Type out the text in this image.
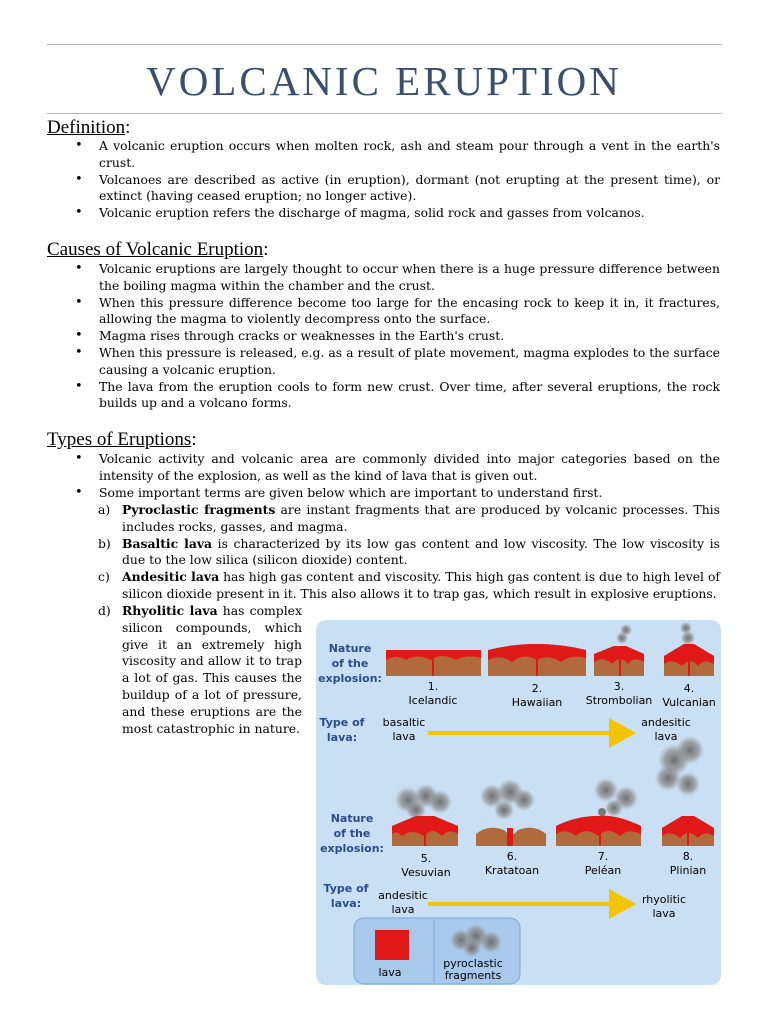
VOLCANIC ERUPTION
Definition:
• A volcanic eruption occurs when molten rock, ash and steam pour through a vent in the earth's crust.
• Volcanoes are described as active (in eruption), dormant (not erupting at the present time), or extinct (having ceased eruption; no longer active).
• Volcanic eruption refers the discharge of magma, solid rock and gasses from volcanos.
Causes of Volcanic Eruption:
• Volcanic eruptions are largely thought to occur when there is a huge pressure difference between the boiling magma within the chamber and the crust.
• When this pressure difference become too large for the encasing rock to keep it in, it fractures, allowing the magma to violently decompress onto the surface.
• Magma rises through cracks or weaknesses in the Earth's crust.
• When this pressure is released, e.g. as a result of plate movement, magma explodes to the surface causing a volcanic eruption.
• The lava from the eruption cools to form new crust. Over time, after several eruptions, the rock builds up and a volcano forms.
Types of Eruptions:
• Volcanic activity and volcanic area are commonly divided into major categories based on the intensity of the explosion, as well as the kind of lava that is given out.
• Some important terms are given below which are important to understand first.
a) Pyroclastic fragments are instant fragments that are produced by volcanic processes. This includes rocks, gasses, and magma.
b) Basaltic lava is characterized by its low gas content and low viscosity. The low viscosity is due to the low silica (silicon dioxide) content.
c) Andesitic lava has high gas content and viscosity. This high gas content is due to high level of silicon dioxide present in it. This also allows it to trap gas, which result in explosive eruptions.
d) Rhyolitic lava has complex silicon compounds, which give it an extremely high viscosity and allow it to trap a lot of gas. This causes the buildup of a lot of pressure, and these eruptions are the most catastrophic in nature.
Nature
of the
explosion:
1.
Icelandic
2.
Hawaiian
3.
Strombolian
4.
Vulcanian
Type of
lava:
basaltic
lava
andesitic
lava
Nature
of the
explosion:
5.
Vesuvian
6.
Kratatoan
7.
Peléan
8.
Plinian
Type of
lava:
andesitic
lava
rhyolitic
lava
lava
pyroclastic
fragments
